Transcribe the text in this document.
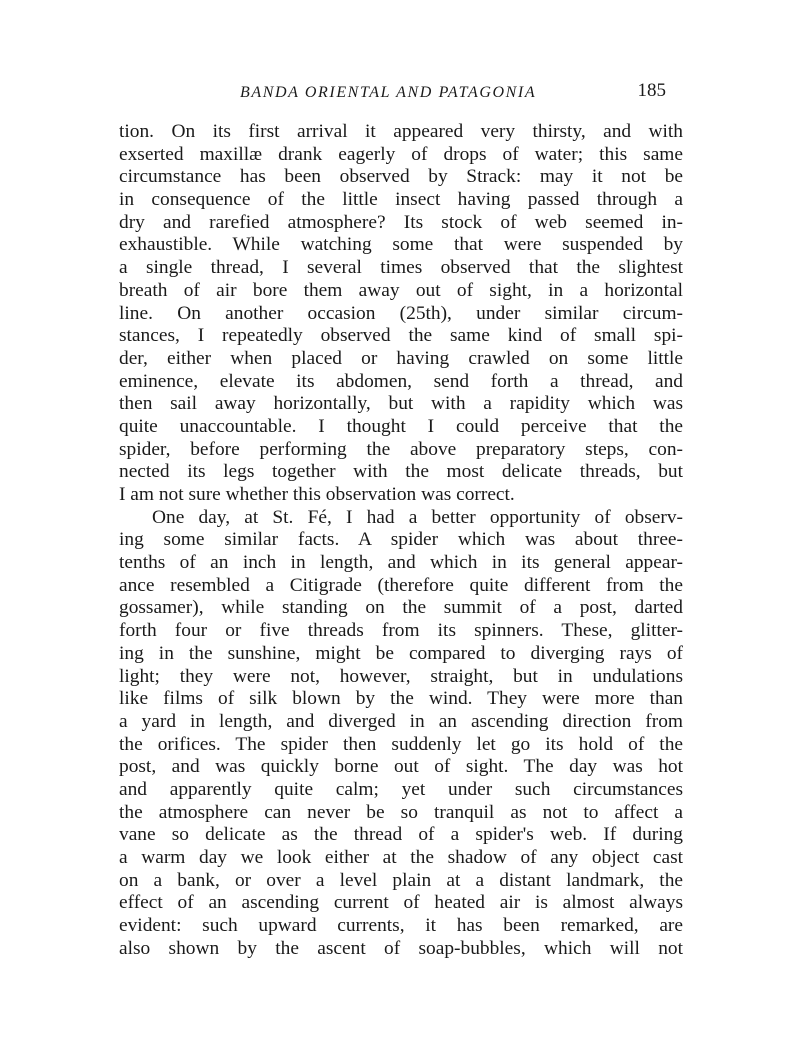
BANDA ORIENTAL AND PATAGONIA	185
tion. On its first arrival it appeared very thirsty, and with
exserted maxillæ drank eagerly of drops of water; this same
circumstance has been observed by Strack: may it not be
in consequence of the little insect having passed through a
dry and rarefied atmosphere? Its stock of web seemed in-
exhaustible. While watching some that were suspended by
a single thread, I several times observed that the slightest
breath of air bore them away out of sight, in a horizontal
line. On another occasion (25th), under similar circum-
stances, I repeatedly observed the same kind of small spi-
der, either when placed or having crawled on some little
eminence, elevate its abdomen, send forth a thread, and
then sail away horizontally, but with a rapidity which was
quite unaccountable. I thought I could perceive that the
spider, before performing the above preparatory steps, con-
nected its legs together with the most delicate threads, but
I am not sure whether this observation was correct.
One day, at St. Fé, I had a better opportunity of observ-
ing some similar facts. A spider which was about three-
tenths of an inch in length, and which in its general appear-
ance resembled a Citigrade (therefore quite different from the
gossamer), while standing on the summit of a post, darted
forth four or five threads from its spinners. These, glitter-
ing in the sunshine, might be compared to diverging rays of
light; they were not, however, straight, but in undulations
like films of silk blown by the wind. They were more than
a yard in length, and diverged in an ascending direction from
the orifices. The spider then suddenly let go its hold of the
post, and was quickly borne out of sight. The day was hot
and apparently quite calm; yet under such circumstances
the atmosphere can never be so tranquil as not to affect a
vane so delicate as the thread of a spider's web. If during
a warm day we look either at the shadow of any object cast
on a bank, or over a level plain at a distant landmark, the
effect of an ascending current of heated air is almost always
evident: such upward currents, it has been remarked, are
also shown by the ascent of soap-bubbles, which will not
